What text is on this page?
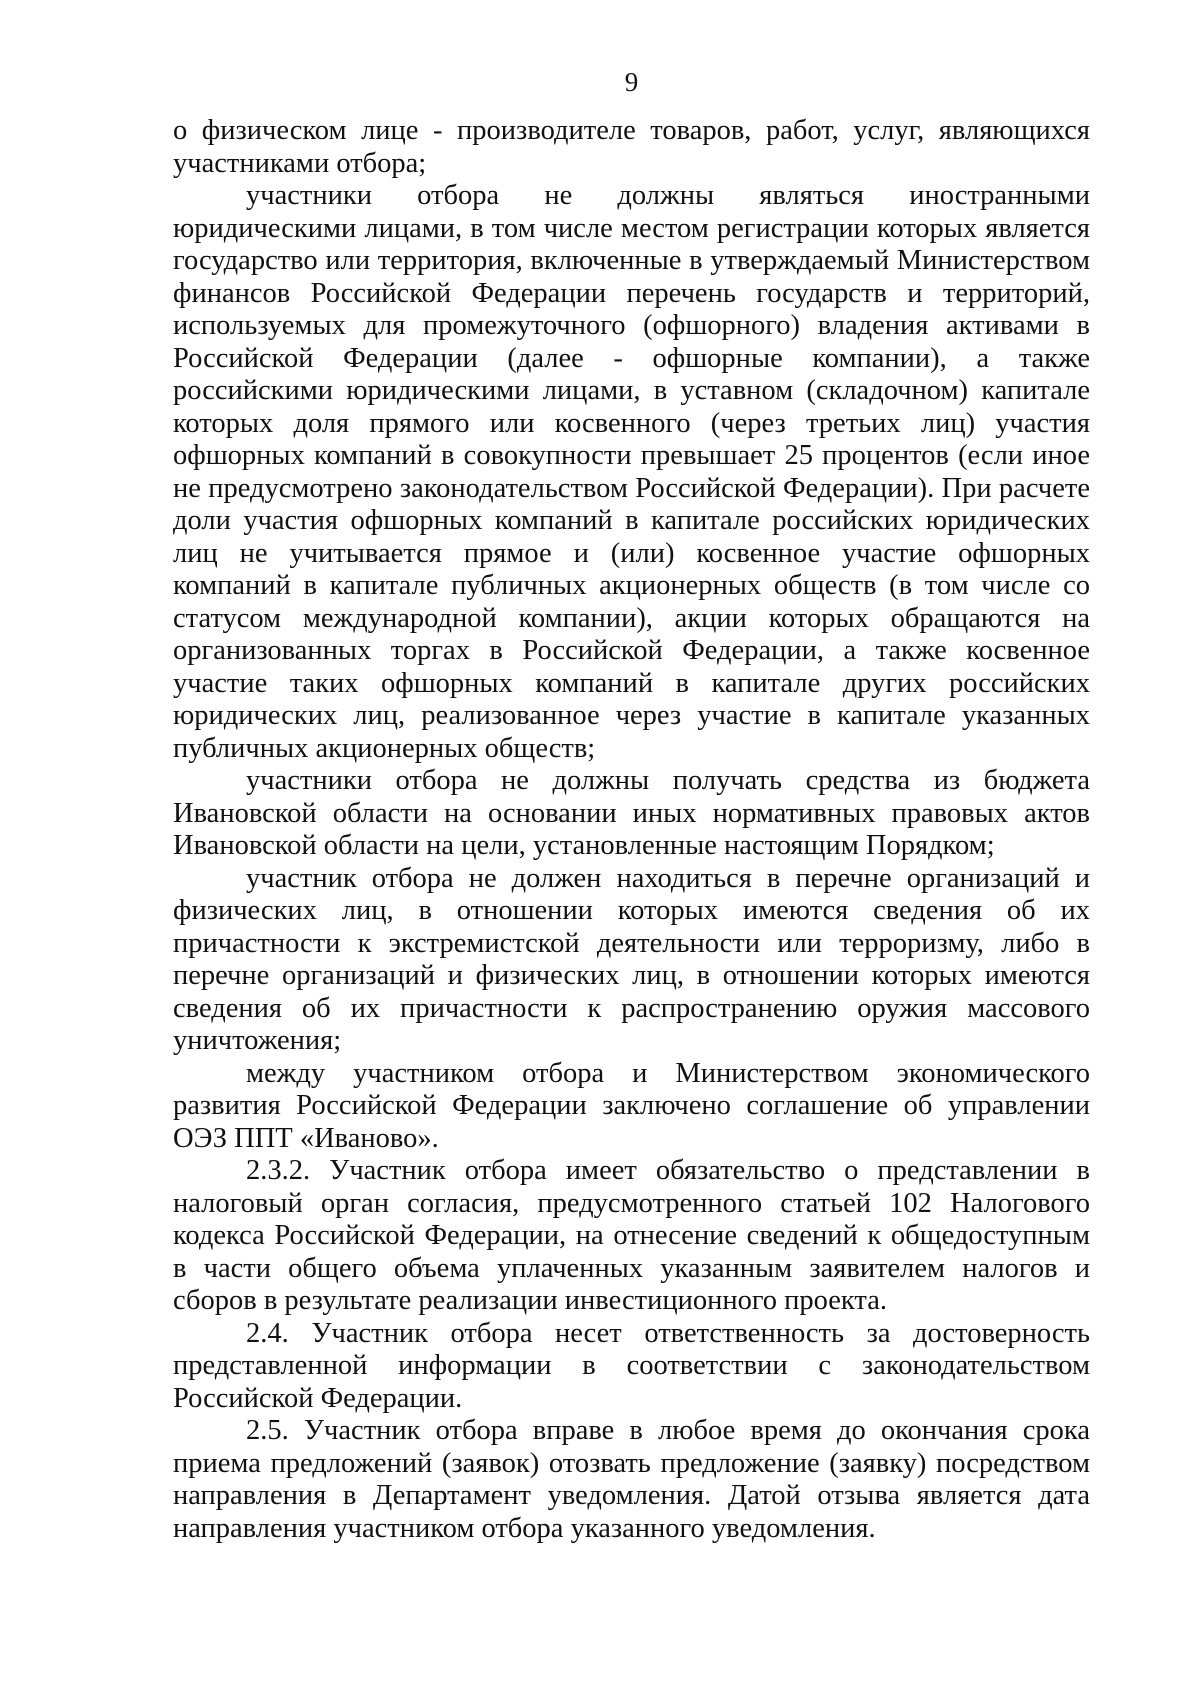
9

о физическом лице - производителе товаров, работ, услуг, являющихся участниками отбора;

участники отбора не должны являться иностранными юридическими лицами, в том числе местом регистрации которых является государство или территория, включенные в утверждаемый Министерством финансов Российской Федерации перечень государств и территорий, используемых для промежуточного (офшорного) владения активами в Российской Федерации (далее - офшорные компании), а также российскими юридическими лицами, в уставном (складочном) капитале которых доля прямого или косвенного (через третьих лиц) участия офшорных компаний в совокупности превышает 25 процентов (если иное не предусмотрено законодательством Российской Федерации). При расчете доли участия офшорных компаний в капитале российских юридических лиц не учитывается прямое и (или) косвенное участие офшорных компаний в капитале публичных акционерных обществ (в том числе со статусом международной компании), акции которых обращаются на организованных торгах в Российской Федерации, а также косвенное участие таких офшорных компаний в капитале других российских юридических лиц, реализованное через участие в капитале указанных публичных акционерных обществ;

участники отбора не должны получать средства из бюджета Ивановской области на основании иных нормативных правовых актов Ивановской области на цели, установленные настоящим Порядком;

участник отбора не должен находиться в перечне организаций и физических лиц, в отношении которых имеются сведения об их причастности к экстремистской деятельности или терроризму, либо в перечне организаций и физических лиц, в отношении которых имеются сведения об их причастности к распространению оружия массового уничтожения;

между участником отбора и Министерством экономического развития Российской Федерации заключено соглашение об управлении ОЭЗ ППТ «Иваново».

2.3.2. Участник отбора имеет обязательство о представлении в налоговый орган согласия, предусмотренного статьей 102 Налогового кодекса Российской Федерации, на отнесение сведений к общедоступным в части общего объема уплаченных указанным заявителем налогов и сборов в результате реализации инвестиционного проекта.

2.4. Участник отбора несет ответственность за достоверность представленной информации в соответствии с законодательством Российской Федерации.

2.5. Участник отбора вправе в любое время до окончания срока приема предложений (заявок) отозвать предложение (заявку) посредством направления в Департамент уведомления. Датой отзыва является дата направления участником отбора указанного уведомления.
